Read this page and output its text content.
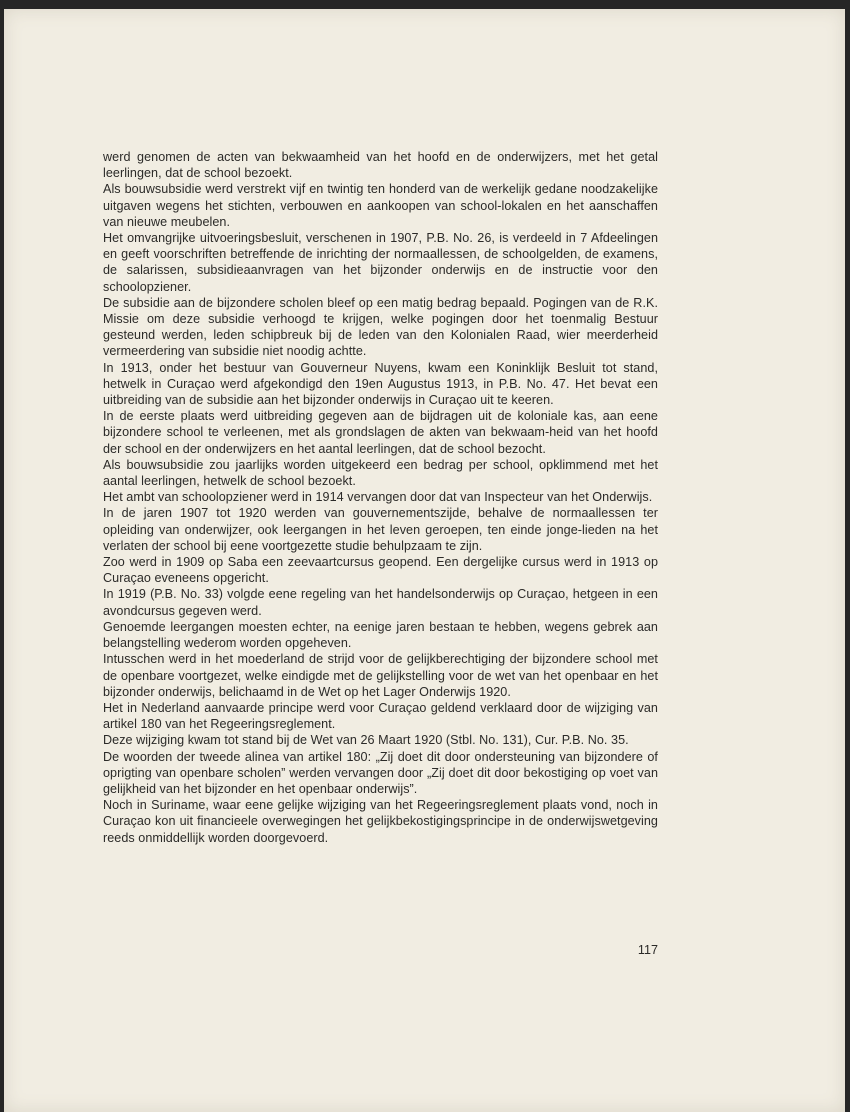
werd genomen de acten van bekwaamheid van het hoofd en de onderwijzers, met het getal leerlingen, dat de school bezoekt.

Als bouwsubsidie werd verstrekt vijf en twintig ten honderd van de werkelijk gedane noodzakelijke uitgaven wegens het stichten, verbouwen en aankoopen van school-lokalen en het aanschaffen van nieuwe meubelen.

Het omvangrijke uitvoeringsbesluit, verschenen in 1907, P.B. No. 26, is verdeeld in 7 Afdeelingen en geeft voorschriften betreffende de inrichting der normaallessen, de schoolgelden, de examens, de salarissen, subsidieaanvragen van het bijzonder onderwijs en de instructie voor den schoolopziener.

De subsidie aan de bijzondere scholen bleef op een matig bedrag bepaald. Pogingen van de R.K. Missie om deze subsidie verhoogd te krijgen, welke pogingen door het toenmalig Bestuur gesteund werden, leden schipbreuk bij de leden van den Kolonialen Raad, wier meerderheid vermeerdering van subsidie niet noodig achtte.

In 1913, onder het bestuur van Gouverneur Nuyens, kwam een Koninklijk Besluit tot stand, hetwelk in Curaçao werd afgekondigd den 19en Augustus 1913, in P.B. No. 47. Het bevat een uitbreiding van de subsidie aan het bijzonder onderwijs in Curaçao uit te keeren.

In de eerste plaats werd uitbreiding gegeven aan de bijdragen uit de koloniale kas, aan eene bijzondere school te verleenen, met als grondslagen de akten van bekwaam-heid van het hoofd der school en der onderwijzers en het aantal leerlingen, dat de school bezocht.

Als bouwsubsidie zou jaarlijks worden uitgekeerd een bedrag per school, opklimmend met het aantal leerlingen, hetwelk de school bezoekt.

Het ambt van schoolopziener werd in 1914 vervangen door dat van Inspecteur van het Onderwijs.

In de jaren 1907 tot 1920 werden van gouvernementszijde, behalve de normaallessen ter opleiding van onderwijzer, ook leergangen in het leven geroepen, ten einde jonge-lieden na het verlaten der school bij eene voortgezette studie behulpzaam te zijn.

Zoo werd in 1909 op Saba een zeevaartcursus geopend. Een dergelijke cursus werd in 1913 op Curaçao eveneens opgericht.

In 1919 (P.B. No. 33) volgde eene regeling van het handelsonderwijs op Curaçao, hetgeen in een avondcursus gegeven werd.

Genoemde leergangen moesten echter, na eenige jaren bestaan te hebben, wegens gebrek aan belangstelling wederom worden opgeheven.

Intusschen werd in het moederland de strijd voor de gelijkberechtiging der bijzondere school met de openbare voortgezet, welke eindigde met de gelijkstelling voor de wet van het openbaar en het bijzonder onderwijs, belichaamd in de Wet op het Lager Onderwijs 1920.

Het in Nederland aanvaarde principe werd voor Curaçao geldend verklaard door de wijziging van artikel 180 van het Regeeringsreglement.

Deze wijziging kwam tot stand bij de Wet van 26 Maart 1920 (Stbl. No. 131), Cur. P.B. No. 35.

De woorden der tweede alinea van artikel 180: „Zij doet dit door ondersteuning van bijzondere of oprigting van openbare scholen” werden vervangen door „Zij doet dit door bekostiging op voet van gelijkheid van het bijzonder en het openbaar onderwijs”.

Noch in Suriname, waar eene gelijke wijziging van het Regeeringsreglement plaats vond, noch in Curaçao kon uit financieele overwegingen het gelijkbekostigingsprincipe in de onderwijswetgeving reeds onmiddellijk worden doorgevoerd.

117
